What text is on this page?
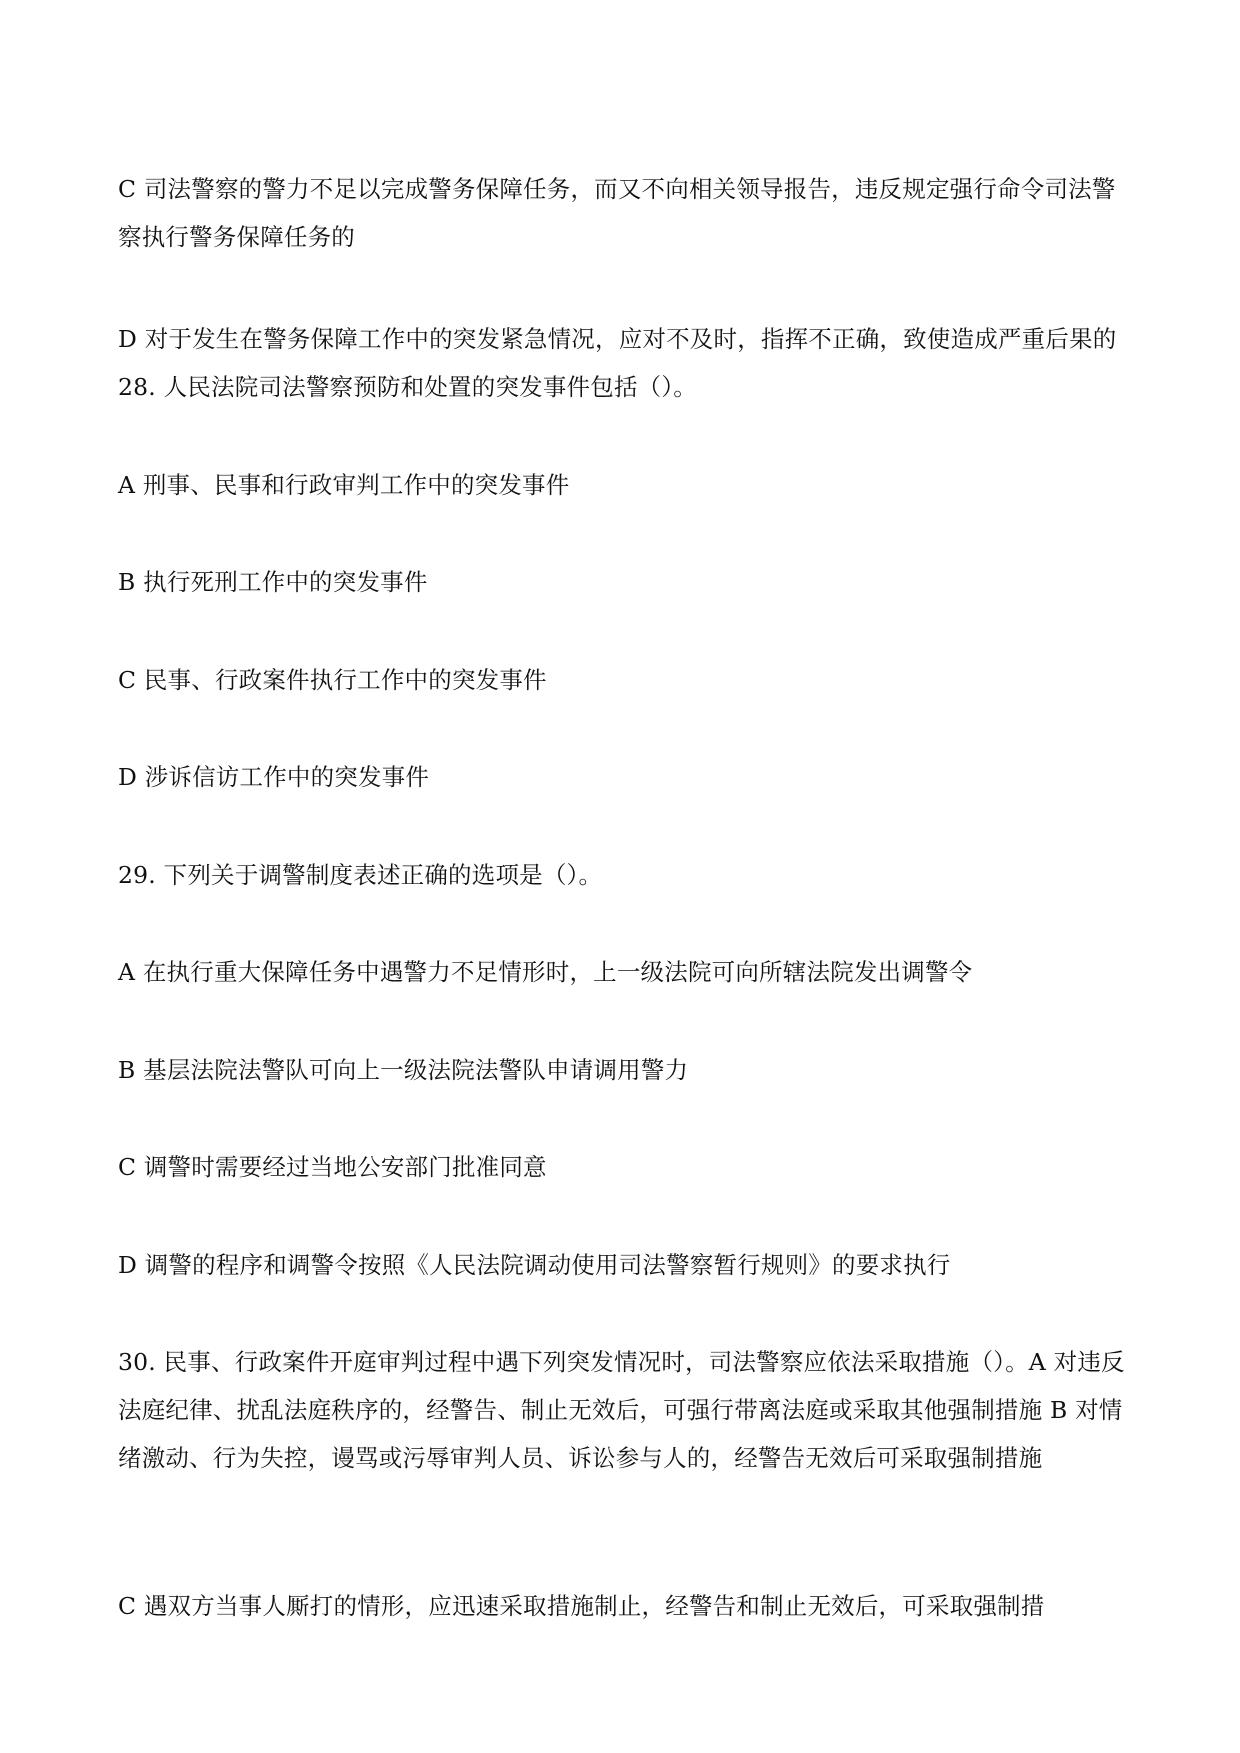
C 司法警察的警力不足以完成警务保障任务，而又不向相关领导报告，违反规定强行命令司法警察执行警务保障任务的

D 对于发生在警务保障工作中的突发紧急情况，应对不及时，指挥不正确，致使造成严重后果的 28. 人民法院司法警察预防和处置的突发事件包括（）。

A 刑事、民事和行政审判工作中的突发事件

B 执行死刑工作中的突发事件

C 民事、行政案件执行工作中的突发事件

D 涉诉信访工作中的突发事件

29. 下列关于调警制度表述正确的选项是（）。

A 在执行重大保障任务中遇警力不足情形时，上一级法院可向所辖法院发出调警令

B 基层法院法警队可向上一级法院法警队申请调用警力

C 调警时需要经过当地公安部门批准同意

D 调警的程序和调警令按照《人民法院调动使用司法警察暂行规则》的要求执行

30. 民事、行政案件开庭审判过程中遇下列突发情况时，司法警察应依法采取措施（）。A 对违反法庭纪律、扰乱法庭秩序的，经警告、制止无效后，可强行带离法庭或采取其他强制措施 B 对情绪激动、行为失控，谩骂或污辱审判人员、诉讼参与人的，经警告无效后可采取强制措施

C 遇双方当事人厮打的情形，应迅速采取措施制止，经警告和制止无效后，可采取强制措
